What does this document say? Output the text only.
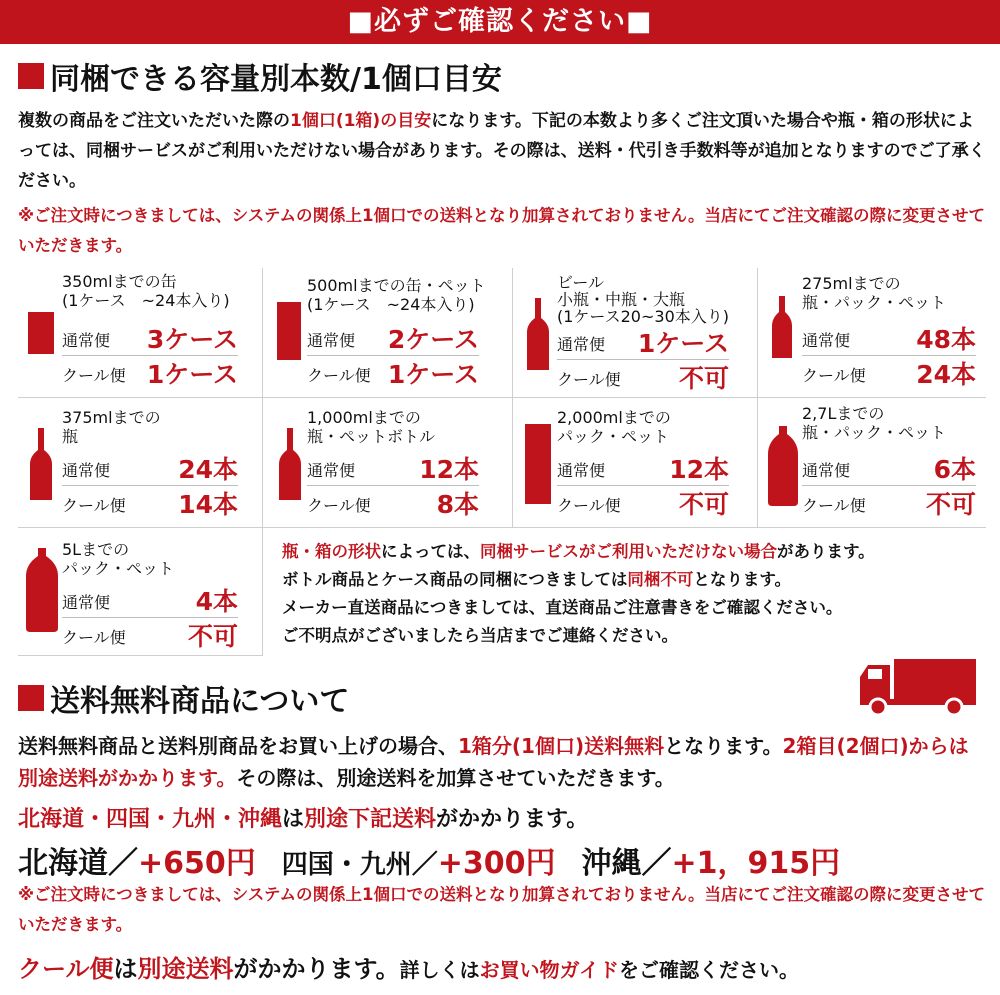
■必ずご確認ください■
同梱できる容量別本数/1個口目安
複数の商品をご注文いただいた際の1個口(1箱)の目安になります。下記の本数より多くご注文頂いた場合や瓶・箱の形状によっては、同梱サービスがご利用いただけない場合があります。その際は、送料・代引き手数料等が追加となりますのでご了承ください。
※ご注文時につきましては、システムの関係上1個口での送料となり加算されておりません。当店にてご注文確認の際に変更させていただきます。
350mlまでの缶
(1ケース　~24本入り)
通常便 3ケース
クール便 1ケース
500mlまでの缶・ペット
(1ケース　~24本入り)
通常便 2ケース
クール便 1ケース
ビール
小瓶・中瓶・大瓶
(1ケース20~30本入り)
通常便 1ケース
クール便 不可
275mlまでの
瓶・パック・ペット
通常便	48本
クール便 24本
375mlまでの
瓶
通常便	24本
クール便 14本
1,000mlまでの
瓶・ペットボトル
通常便	12本
クール便	8本
2,000mlまでの
パック・ペット
通常便	12本
クール便 不可
2,7Lまでの
瓶・パック・ペット
通常便	6本
クール便 不可
5Lまでの
パック・ペット
通常便	4本
クール便 不可
瓶・箱の形状によっては、同梱サービスがご利用いただけない場合があります。
ボトル商品とケース商品の同梱につきましては同梱不可となります。
メーカー直送商品につきましては、直送商品ご注意書きをご確認ください。
ご不明点がございましたら当店までご連絡ください。
送料無料商品について
送料無料商品と送料別商品をお買い上げの場合、1箱分(1個口)送料無料となります。2箱目(2個口)からは別途送料がかかります。その際は、別途送料を加算させていただきます。
北海道・四国・九州・沖縄は別途下記送料がかかります。
北海道／+650円 四国・九州／+300円 沖縄／+1，915円
※ご注文時につきましては、システムの関係上1個口での送料となり加算されておりません。当店にてご注文確認の際に変更させていただきます。
クール便は別途送料がかかります。詳しくはお買い物ガイドをご確認ください。
